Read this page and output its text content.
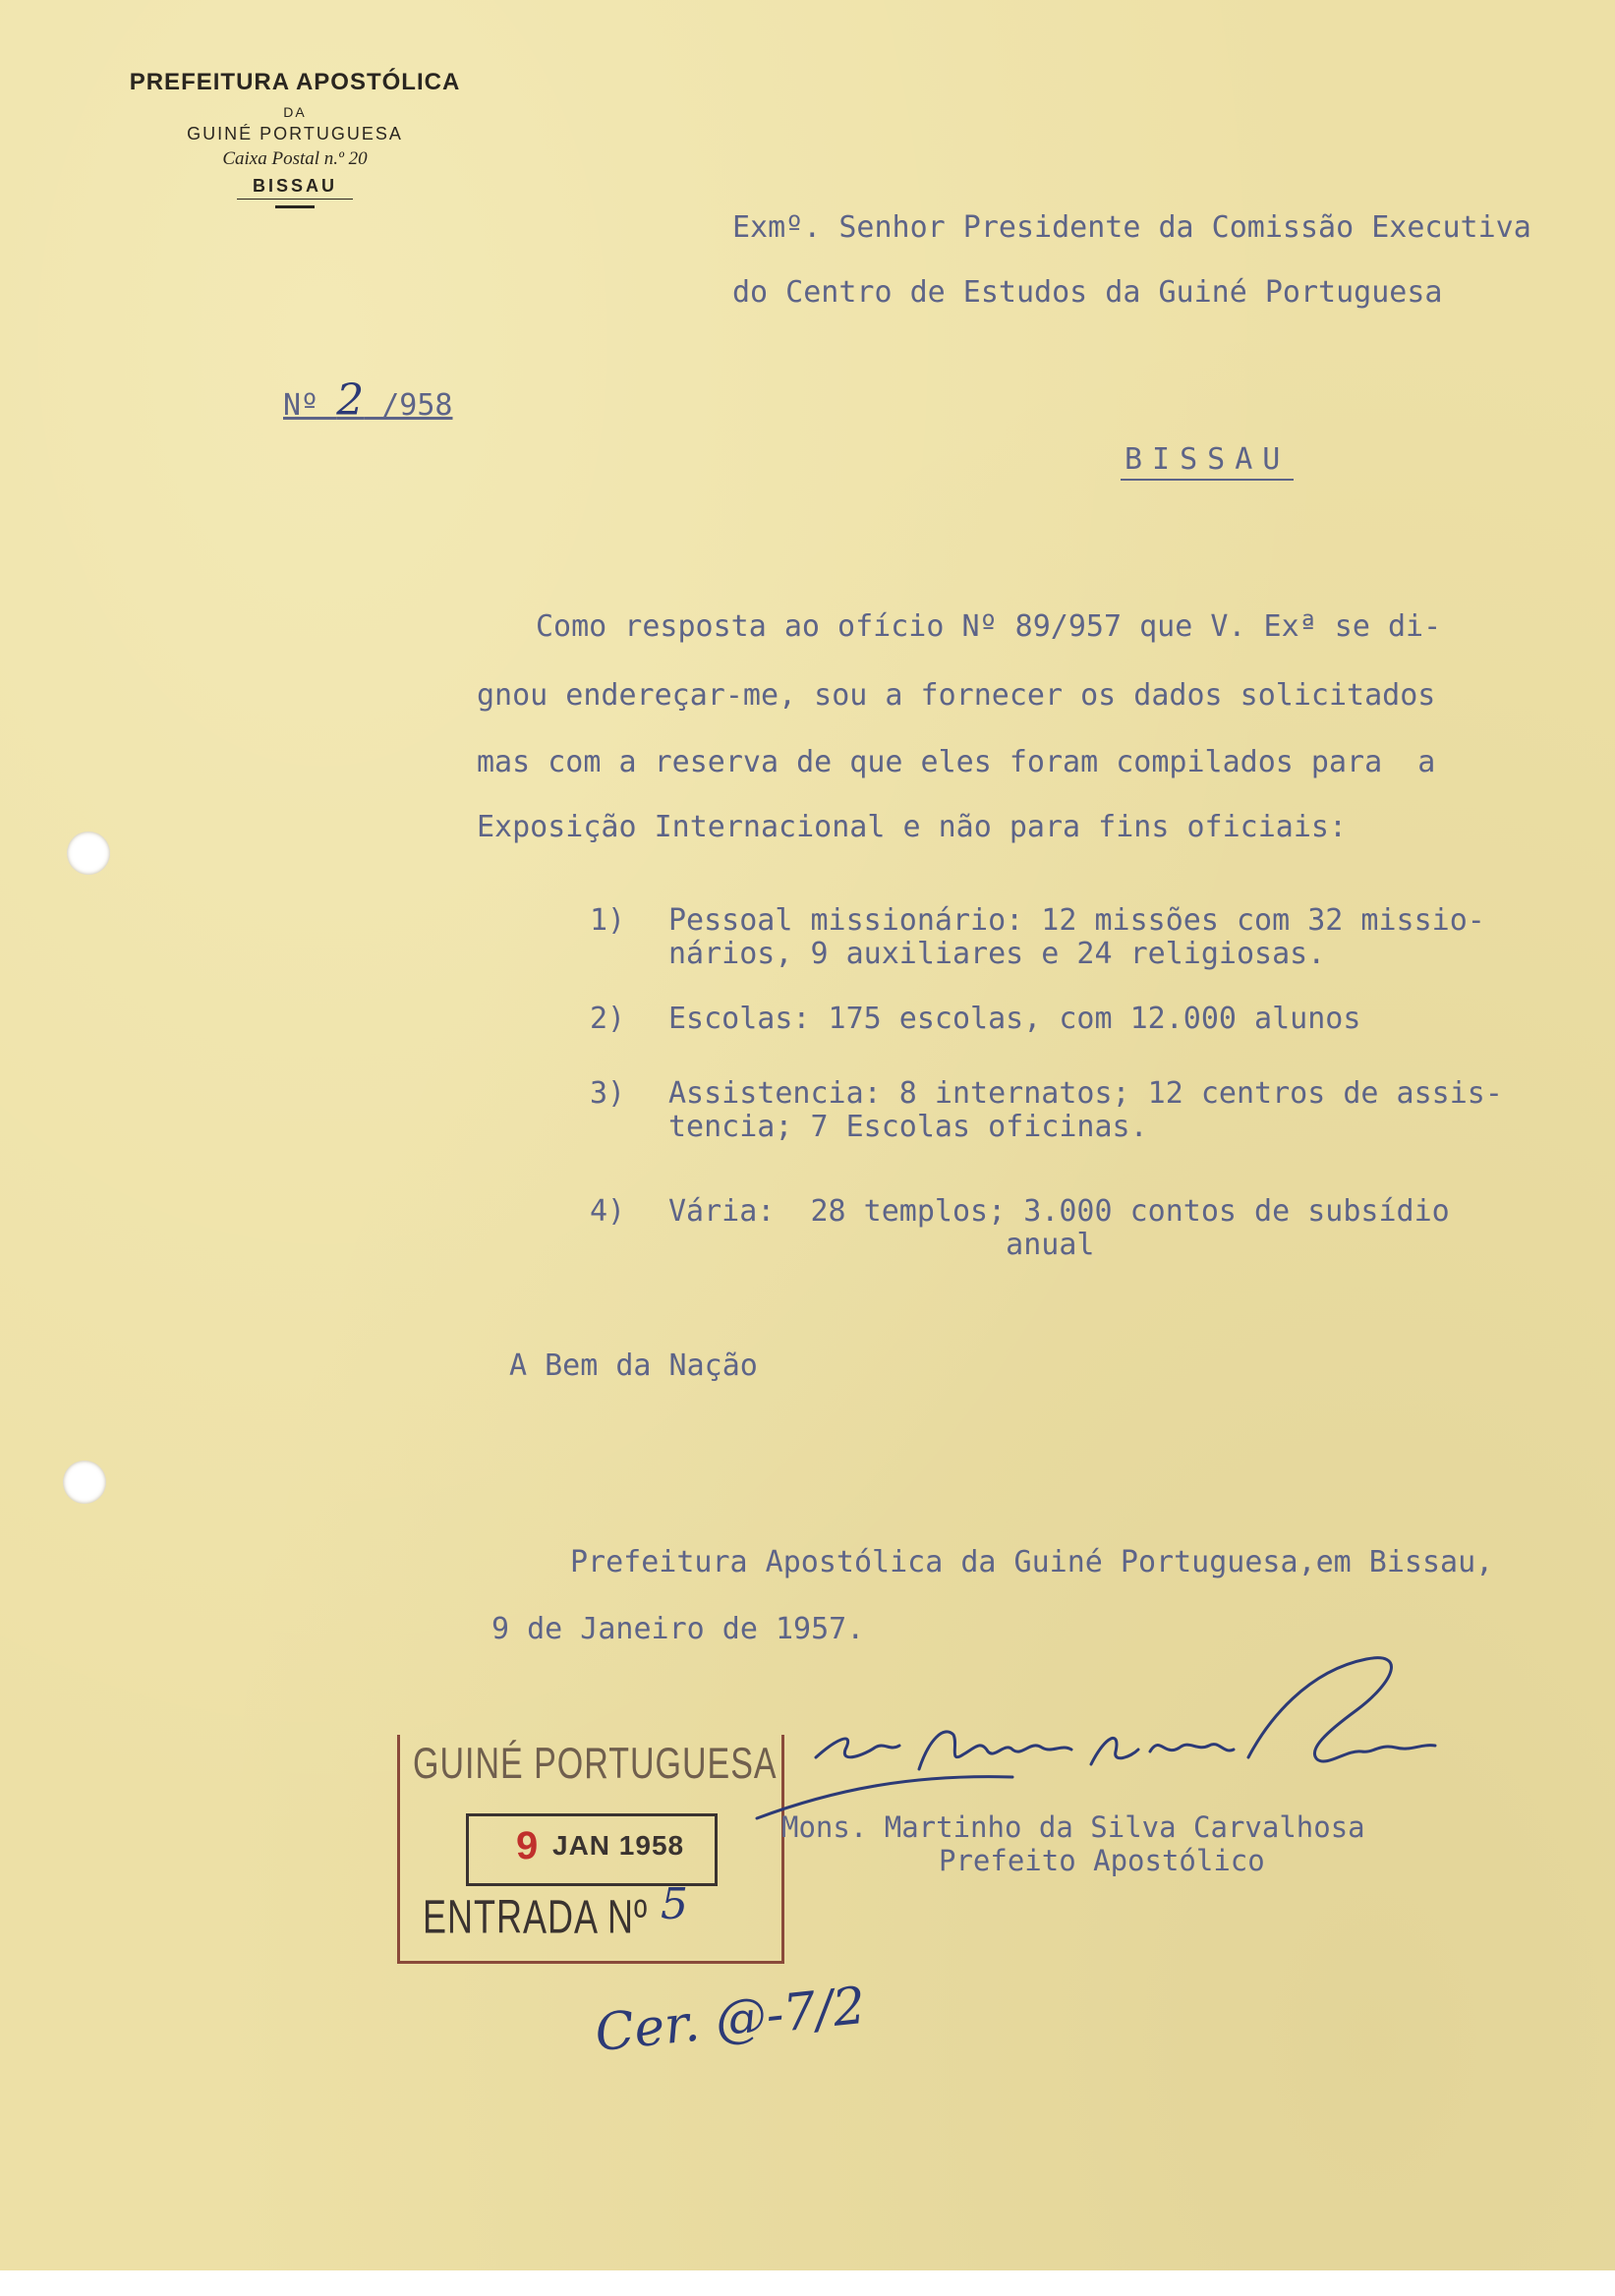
PREFEITURA APOSTÓLICA
DA
GUINÉ PORTUGUESA
Caixa Postal n.º 20
BISSAU
Exmº. Senhor Presidente da Comissão Executiva
do Centro de Estudos da Guiné Portuguesa
Nº 2 /958
BISSAU
Como resposta ao ofício Nº 89/957 que V. Exª se di-
gnou endereçar-me, sou a fornecer os dados solicitados
mas com a reserva de que eles foram compilados para  a
Exposição Internacional e não para fins oficiais:
1) Pessoal missionário: 12 missões com 32 missio-
nários, 9 auxiliares e 24 religiosas.
2) Escolas: 175 escolas, com 12.000 alunos
3) Assistencia: 8 internatos; 12 centros de assis-
tencia; 7 Escolas oficinas.
4) Vária:  28 templos; 3.000 contos de subsídio
anual
A Bem da Nação
Prefeitura Apostólica da Guiné Portuguesa,em Bissau,
9 de Janeiro de 1957.
GUINÉ PORTUGUESA
9 JAN 1958
ENTRADA Nº 5
Mons. Martinho da Silva Carvalhosa
Prefeito Apostólico
Cer. @-7/2
